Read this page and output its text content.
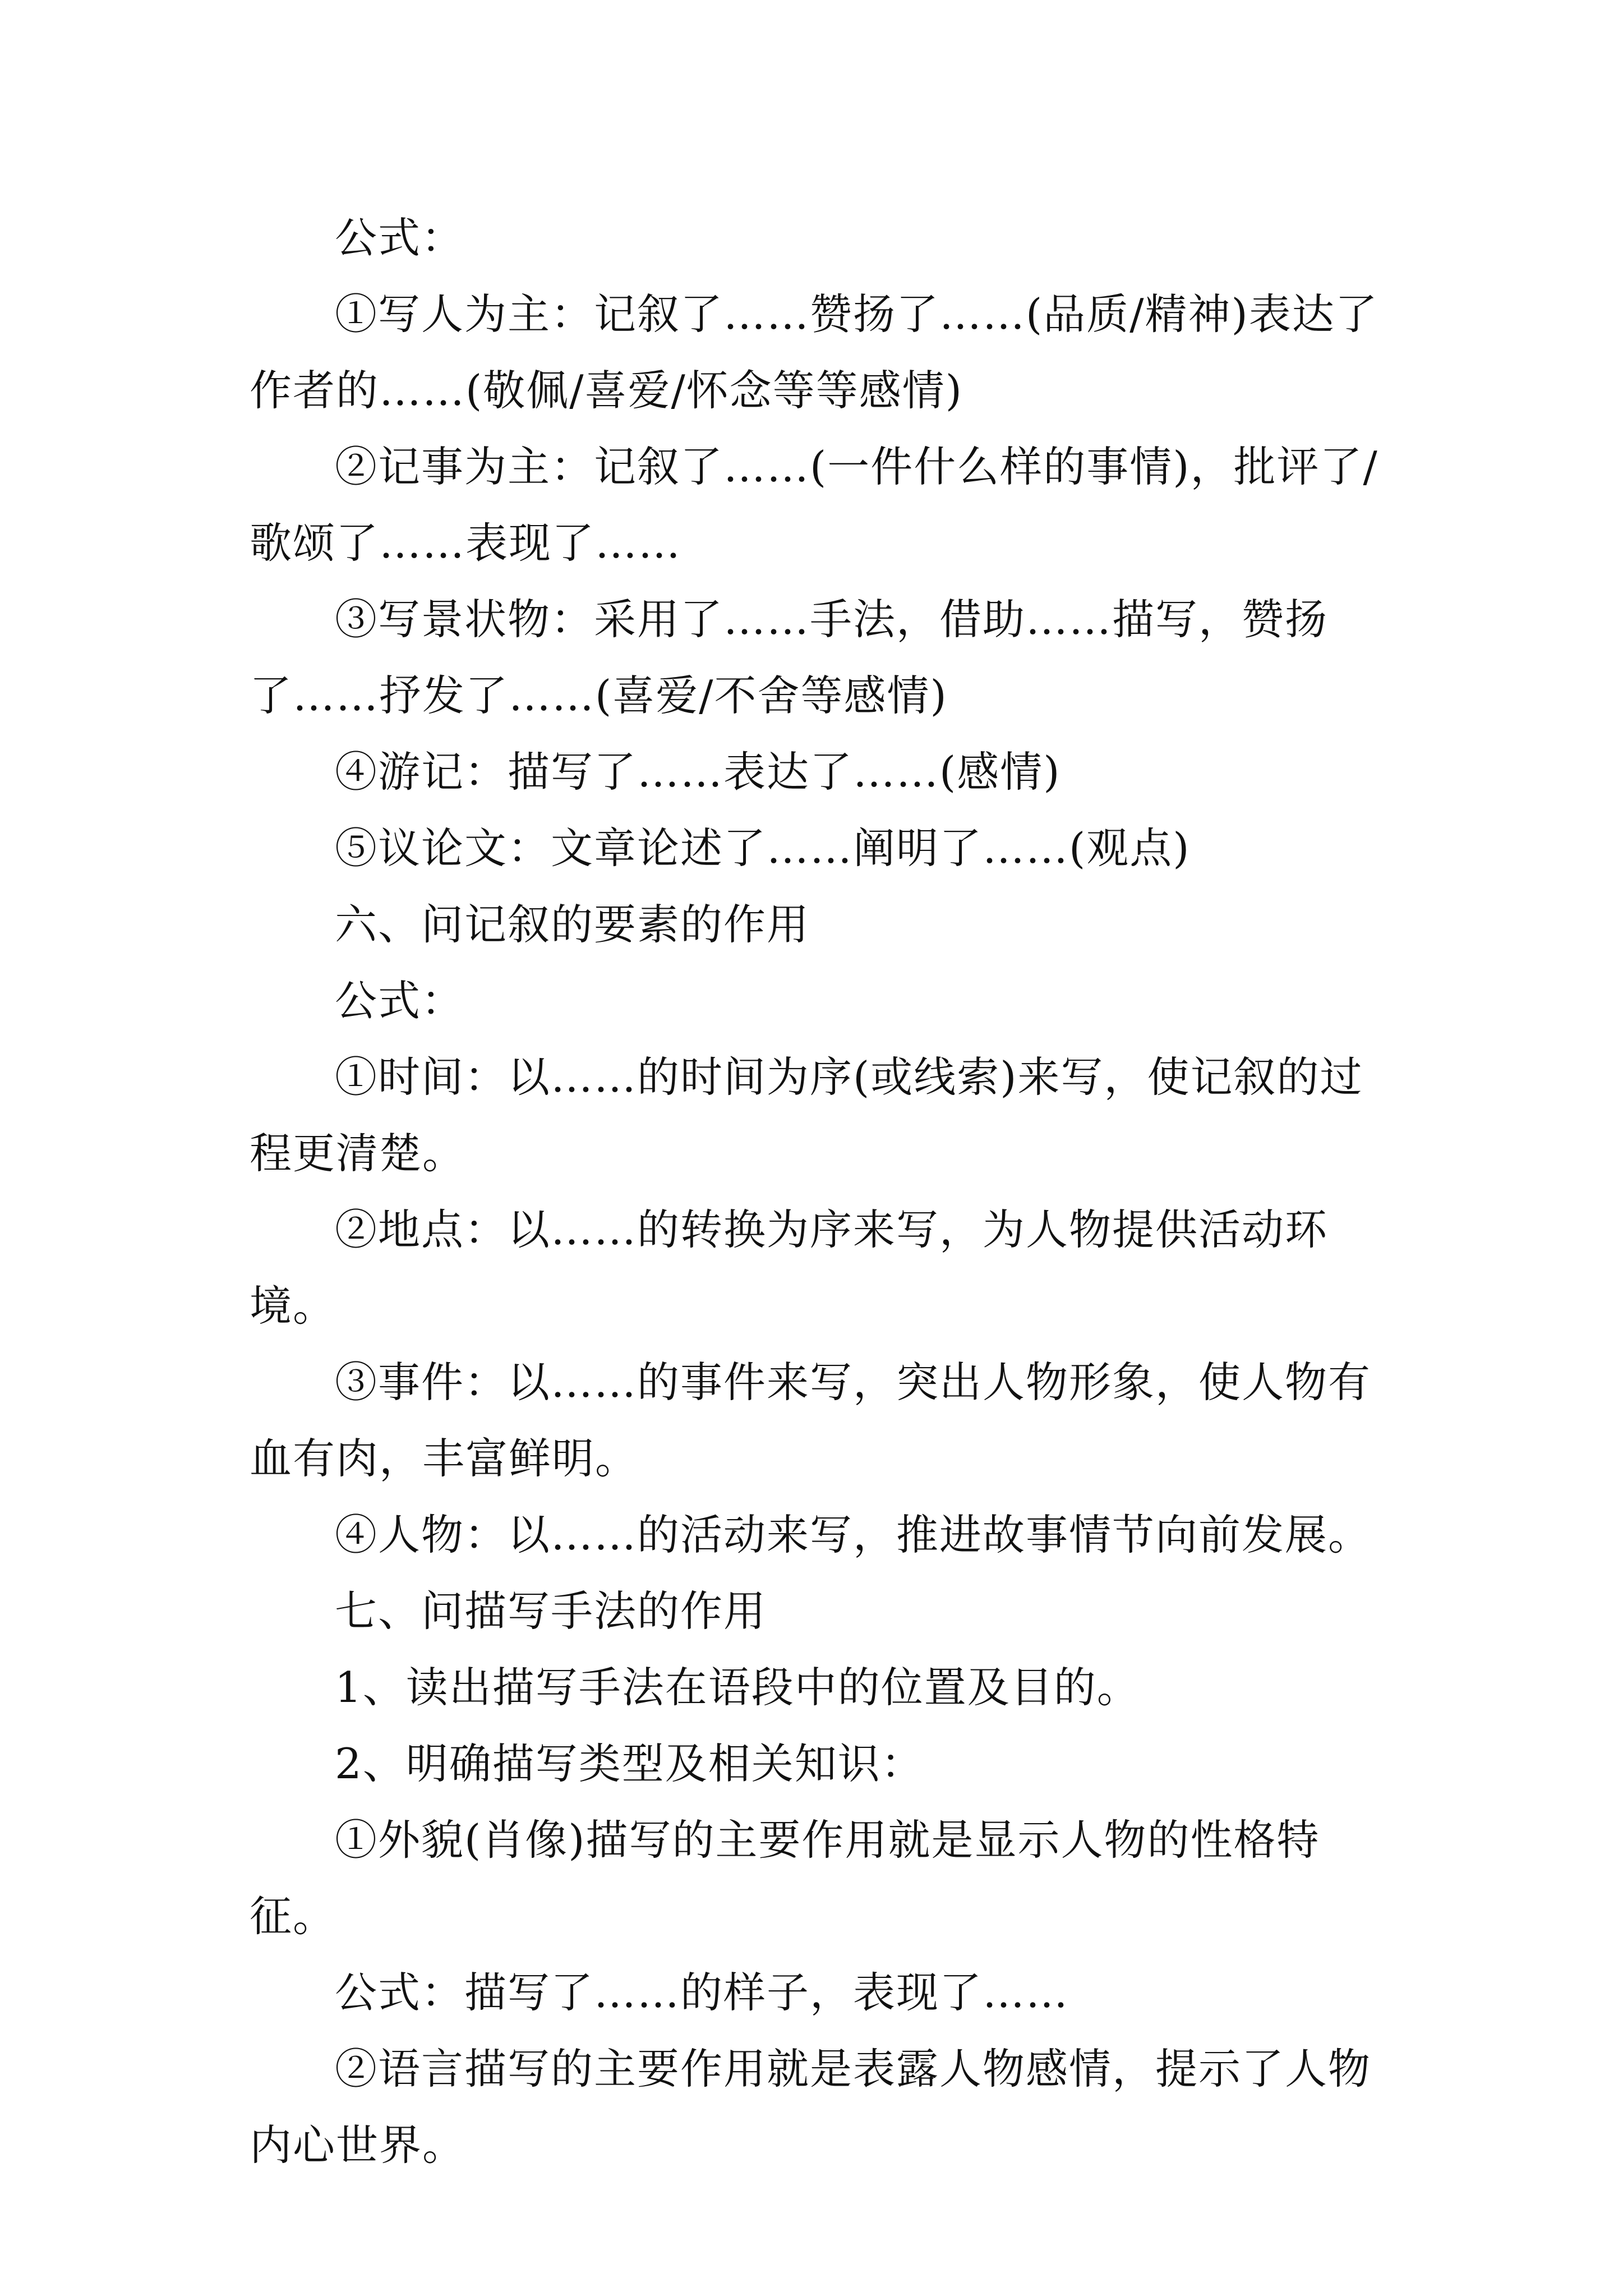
公式：

①写人为主：记叙了……赞扬了……(品质/精神)表达了作者的……(敬佩/喜爱/怀念等等感情)

②记事为主：记叙了……(一件什么样的事情)，批评了/歌颂了……表现了……

③写景状物：采用了……手法，借助……描写，赞扬了……抒发了……(喜爱/不舍等感情)

④游记：描写了……表达了……(感情)

⑤议论文：文章论述了……阐明了……(观点)

六、问记叙的要素的作用

公式：

①时间：以……的时间为序(或线索)来写，使记叙的过程更清楚。

②地点：以……的转换为序来写，为人物提供活动环境。

③事件：以……的事件来写，突出人物形象，使人物有血有肉，丰富鲜明。

④人物：以……的活动来写，推进故事情节向前发展。

七、问描写手法的作用

1、读出描写手法在语段中的位置及目的。

2、明确描写类型及相关知识：

①外貌(肖像)描写的主要作用就是显示人物的性格特征。

公式：描写了……的样子，表现了……

②语言描写的主要作用就是表露人物感情，提示了人物内心世界。
